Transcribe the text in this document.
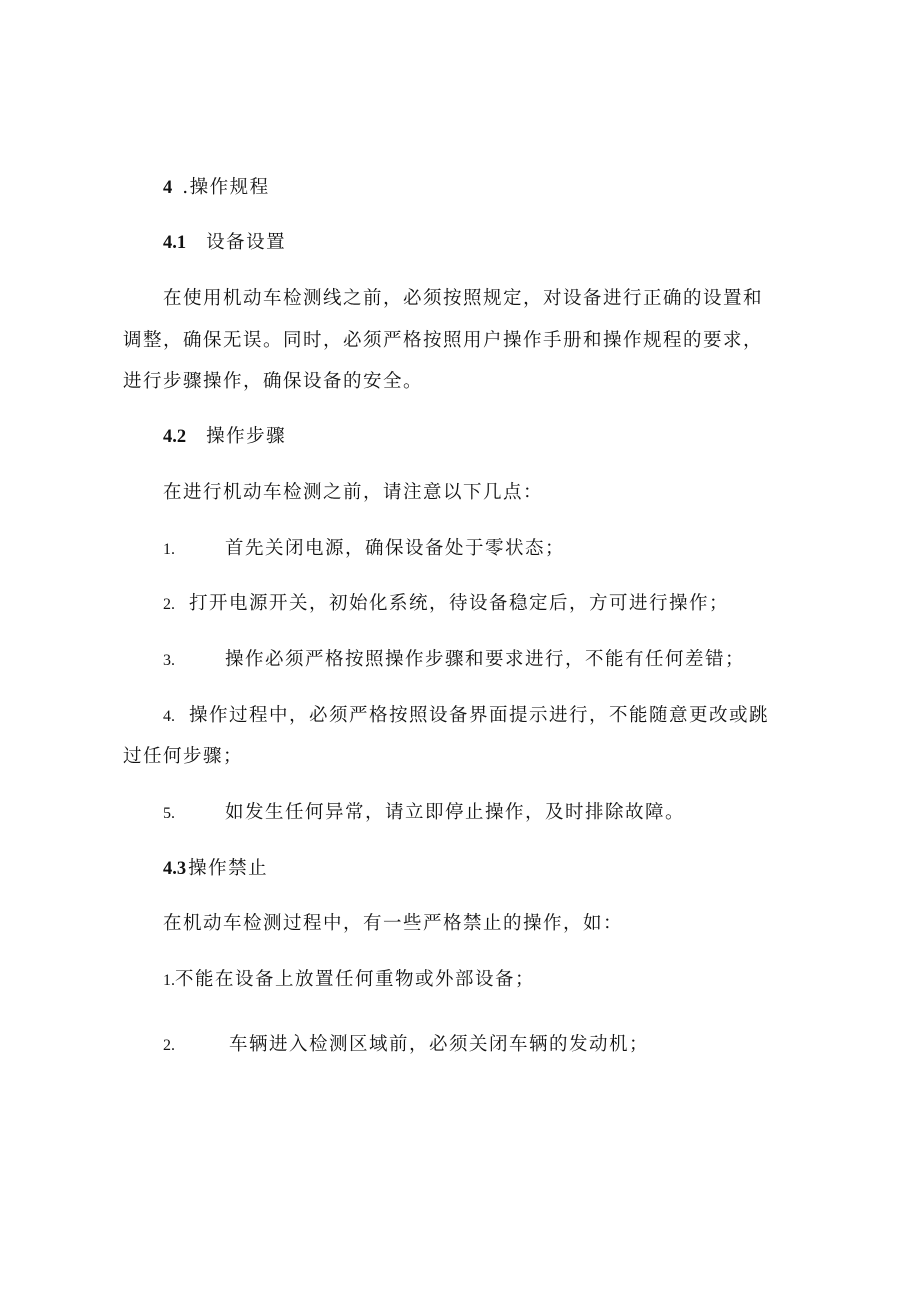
4 .操作规程
4.1 设备设置
在使用机动车检测线之前，必须按照规定，对设备进行正确的设置和
调整，确保无误。同时，必须严格按照用户操作手册和操作规程的要求，
进行步骤操作，确保设备的安全。
4.2 操作步骤
在进行机动车检测之前，请注意以下几点：
1.	首先关闭电源，确保设备处于零状态；
2. 打开电源开关，初始化系统，待设备稳定后，方可进行操作；
3.	操作必须严格按照操作步骤和要求进行，不能有任何差错；
4. 操作过程中，必须严格按照设备界面提示进行，不能随意更改或跳
过任何步骤；
5.	如发生任何异常，请立即停止操作，及时排除故障。
4.3 操作禁止
在机动车检测过程中，有一些严格禁止的操作，如：
1.不能在设备上放置任何重物或外部设备；
2.	车辆进入检测区域前，必须关闭车辆的发动机；
